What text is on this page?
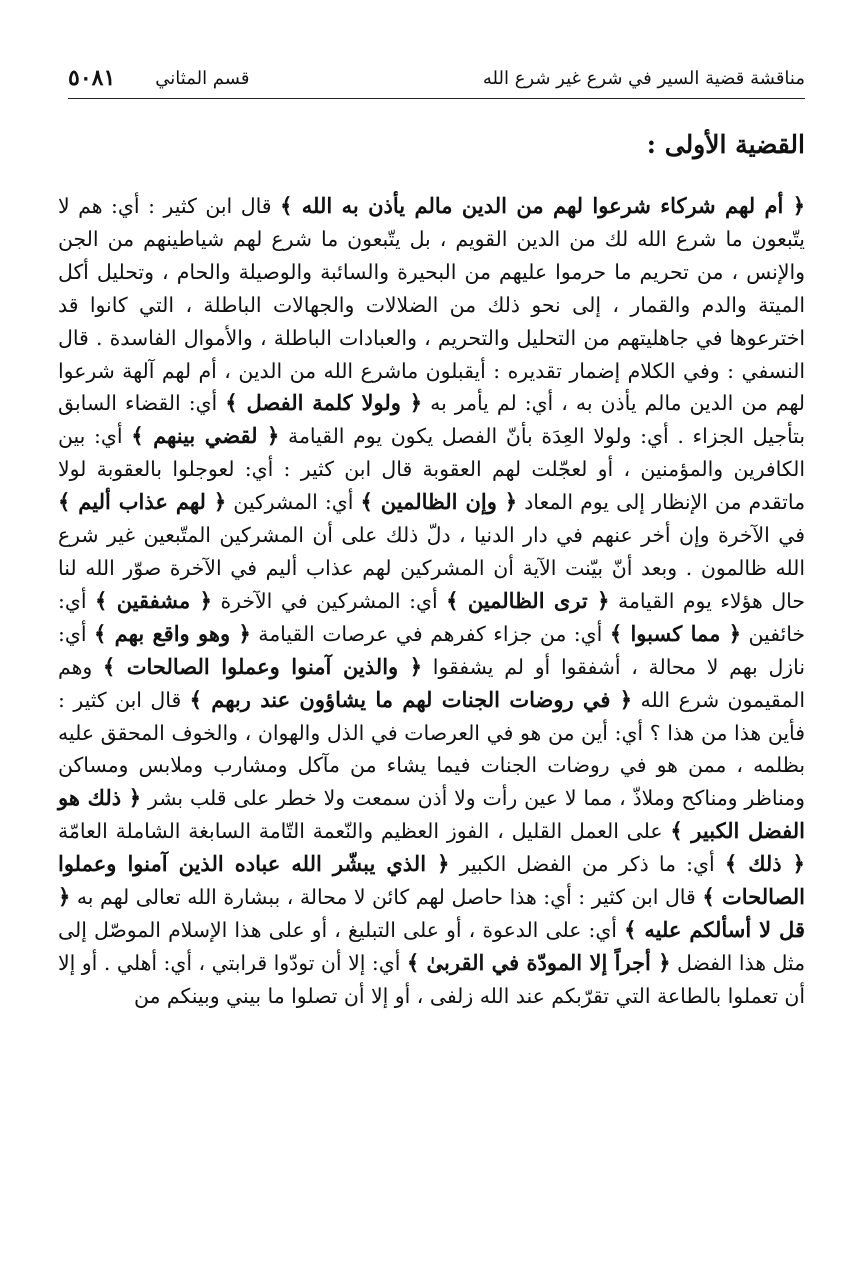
مناقشة قضية السير في شرع غير شرع الله
قسم المثاني
٥٠٨١
القضية الأولى :

﴿ أم لهم شركاء شرعوا لهم من الدين مالم يأذن به الله ﴾ قال ابن كثير : أي: هم لا يتّبعون ما شرع الله لك من الدين القويم ، بل يتّبعون ما شرع لهم شياطينهم من الجن والإنس ، من تحريم ما حرموا عليهم من البحيرة والسائبة والوصيلة والحام ، وتحليل أكل الميتة والدم والقمار ، إلى نحو ذلك من الضلالات والجهالات الباطلة ، التي كانوا قد اخترعوها في جاهليتهم من التحليل والتحريم ، والعبادات الباطلة ، والأموال الفاسدة . قال النسفي : وفي الكلام إضمار تقديره : أيقبلون ماشرع الله من الدين ، أم لهم آلهة شرعوا لهم من الدين مالم يأذن به ، أي: لم يأمر به ﴿ ولولا كلمة الفصل ﴾ أي: القضاء السابق بتأجيل الجزاء . أي: ولولا العِدَة بأنّ الفصل يكون يوم القيامة ﴿ لقضي بينهم ﴾ أي: بين الكافرين والمؤمنين ، أو لعجّلت لهم العقوبة قال ابن كثير : أي: لعوجلوا بالعقوبة لولا ماتقدم من الإنظار إلى يوم المعاد ﴿ وإن الظالمين ﴾ أي: المشركين ﴿ لهم عذاب أليم ﴾ في الآخرة وإن أخر عنهم في دار الدنيا ، دلّ ذلك على أن المشركين المتّبعين غير شرع الله ظالمون . وبعد أنّ بيّنت الآية أن المشركين لهم عذاب أليم في الآخرة صوّر الله لنا حال هؤلاء يوم القيامة ﴿ ترى الظالمين ﴾ أي: المشركين في الآخرة ﴿ مشفقين ﴾ أي: خائفين ﴿ مما كسبوا ﴾ أي: من جزاء كفرهم في عرصات القيامة ﴿ وهو واقع بهم ﴾ أي: نازل بهم لا محالة ، أشفقوا أو لم يشفقوا ﴿ والذين آمنوا وعملوا الصالحات ﴾ وهم المقيمون شرع الله ﴿ في روضات الجنات لهم ما يشاؤون عند ربهم ﴾ قال ابن كثير : فأين هذا من هذا ؟ أي: أين من هو في العرصات في الذل والهوان ، والخوف المحقق عليه بظلمه ، ممن هو في روضات الجنات فيما يشاء من مآكل ومشارب وملابس ومساكن ومناظر ومناكح وملاذّ ، مما لا عين رأت ولا أذن سمعت ولا خطر على قلب بشر ﴿ ذلك هو الفضل الكبير ﴾ على العمل القليل ، الفوز العظيم والنّعمة التّامة السابغة الشاملة العامّة ﴿ ذلك ﴾ أي: ما ذكر من الفضل الكبير ﴿ الذي يبشّر الله عباده الذين آمنوا وعملوا الصالحات ﴾ قال ابن كثير : أي: هذا حاصل لهم كائن لا محالة ، ببشارة الله تعالى لهم به ﴿ قل لا أسألكم عليه ﴾ أي: على الدعوة ، أو على التبليغ ، أو على هذا الإسلام الموصّل إلى مثل هذا الفضل ﴿ أجراً إلا المودّة في القربىٰ ﴾ أي: إلا أن تودّوا قرابتي ، أي: أهلي . أو إلا أن تعملوا بالطاعة التي تقرّبكم عند الله زلفى ، أو إلا أن تصلوا ما بيني وبينكم من
